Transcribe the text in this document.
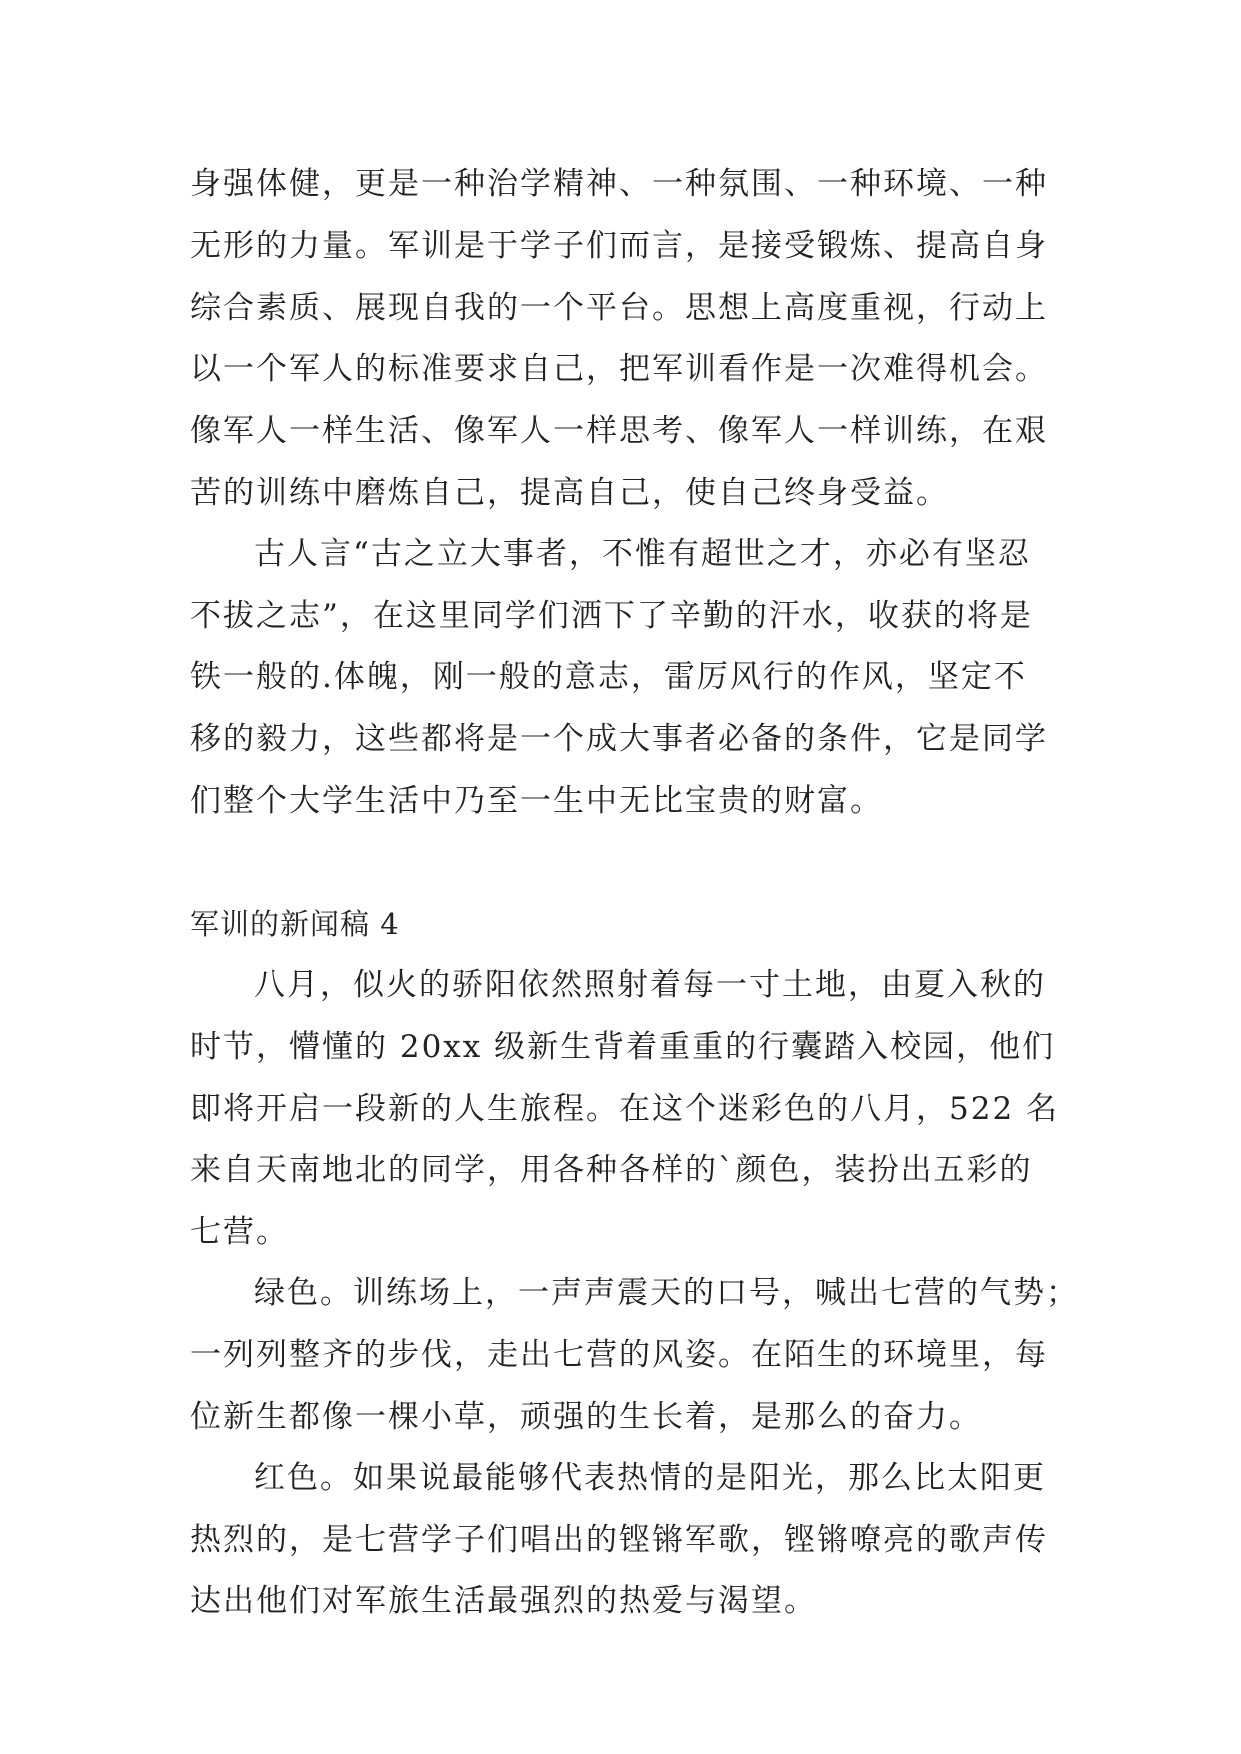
身强体健，更是一种治学精神、一种氛围、一种环境、一种
无形的力量。军训是于学子们而言，是接受锻炼、提高自身
综合素质、展现自我的一个平台。思想上高度重视，行动上
以一个军人的标准要求自己，把军训看作是一次难得机会。
像军人一样生活、像军人一样思考、像军人一样训练，在艰
苦的训练中磨炼自己，提高自己，使自己终身受益。
古人言“古之立大事者，不惟有超世之才，亦必有坚忍
不拔之志”，在这里同学们洒下了辛勤的汗水，收获的将是
铁一般的.体魄，刚一般的意志，雷厉风行的作风，坚定不
移的毅力，这些都将是一个成大事者必备的条件，它是同学
们整个大学生活中乃至一生中无比宝贵的财富。
军训的新闻稿 4
八月，似火的骄阳依然照射着每一寸土地，由夏入秋的
时节，懵懂的 20xx 级新生背着重重的行囊踏入校园，他们
即将开启一段新的人生旅程。在这个迷彩色的八月，522 名
来自天南地北的同学，用各种各样的`颜色，装扮出五彩的
七营。
绿色。训练场上，一声声震天的口号，喊出七营的气势；
一列列整齐的步伐，走出七营的风姿。在陌生的环境里，每
位新生都像一棵小草，顽强的生长着，是那么的奋力。
红色。如果说最能够代表热情的是阳光，那么比太阳更
热烈的，是七营学子们唱出的铿锵军歌，铿锵嘹亮的歌声传
达出他们对军旅生活最强烈的热爱与渴望。
